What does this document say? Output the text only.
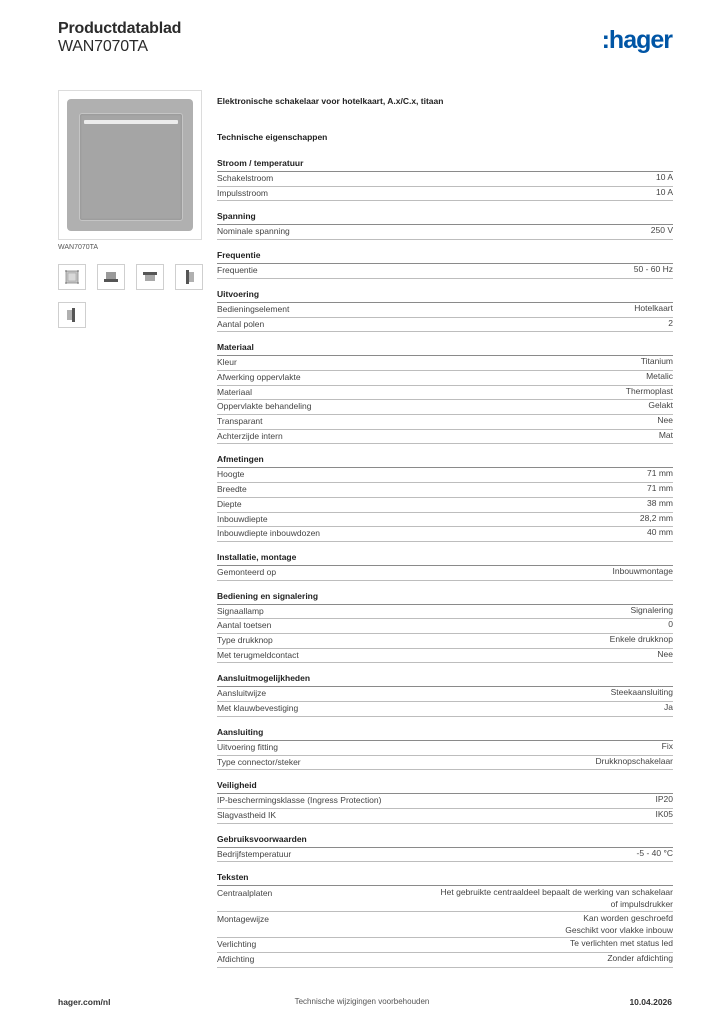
Productdatablad
WAN7070TA	:hager
WAN7070TA
Elektronische schakelaar voor hotelkaart, A.x/C.x, titaan
Technische eigenschappen
Stroom / temperatuur
Schakelstroom	10 A
Impulsstroom	10 A
Spanning
Nominale spanning	250 V
Frequentie
Frequentie	50 - 60 Hz
Uitvoering
Bedieningselement	Hotelkaart
Aantal polen	2
Materiaal
Kleur	Titanium
Afwerking oppervlakte	Metalic
Materiaal	Thermoplast
Oppervlakte behandeling	Gelakt
Transparant	Nee
Achterzijde intern	Mat
Afmetingen
Hoogte	71 mm
Breedte	71 mm
Diepte	38 mm
Inbouwdiepte	28,2 mm
Inbouwdiepte inbouwdozen	40 mm
Installatie, montage
Gemonteerd op	Inbouwmontage
Bediening en signalering
Signaallamp	Signalering
Aantal toetsen	0
Type drukknop	Enkele drukknop
Met terugmeldcontact	Nee
Aansluitmogelijkheden
Aansluitwijze	Steekaansluiting
Met klauwbevestiging	Ja
Aansluiting
Uitvoering fitting	Fix
Type connector/steker	Drukknopschakelaar
Veiligheid
IP-beschermingsklasse (Ingress Protection)	IP20
Slagvastheid IK	IK05
Gebruiksvoorwaarden
Bedrijfstemperatuur	-5 - 40 °C
Teksten
Centraalplaten	Het gebruikte centraaldeel bepaalt de werking van schakelaar
of impulsdrukker
Montagewijze	Kan worden geschroefd
Geschikt voor vlakke inbouw
Verlichting	Te verlichten met status led
Afdichting	Zonder afdichting
hager.com/nl	Technische wijzigingen voorbehouden	10.04.2026
